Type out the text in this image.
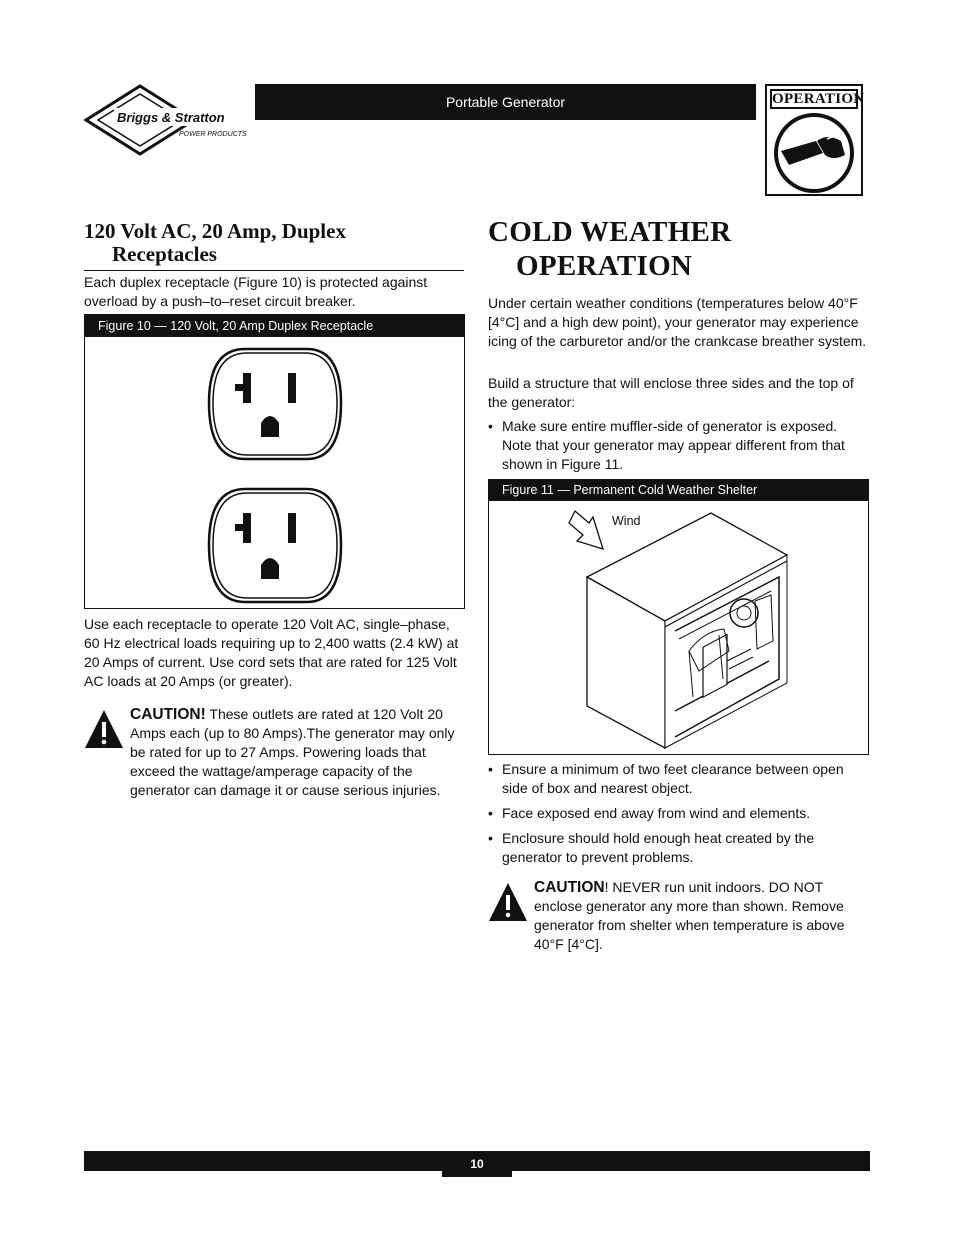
Briggs & Stratton
POWER PRODUCTS
Portable Generator	OPERATION
120 Volt AC, 20 Amp, Duplex
Receptacles
Each duplex receptacle (Figure 10) is protected against overload by a push–to–reset circuit breaker.
Figure 10 — 120 Volt, 20 Amp Duplex Receptacle
Use each receptacle to operate 120 Volt AC, single–phase, 60 Hz electrical loads requiring up to 2,400 watts (2.4 kW) at 20 Amps of current. Use cord sets that are rated for 125 Volt AC loads at 20 Amps (or greater).
CAUTION! These outlets are rated at 120 Volt 20 Amps each (up to 80 Amps).The generator may only be rated for up to 27 Amps. Powering loads that exceed the wattage/amperage capacity of the generator can damage it or cause serious injuries.
COLD WEATHER
OPERATION
Under certain weather conditions (temperatures below 40°F [4°C] and a high dew point), your generator may experience icing of the carburetor and/or the crankcase breather system.
Build a structure that will enclose three sides and the top of the generator:
• Make sure entire muffler-side of generator is exposed. Note that your generator may appear different from that shown in Figure 11.
Figure 11 — Permanent Cold Weather Shelter
Wind
• Ensure a minimum of two feet clearance between open side of box and nearest object.
• Face exposed end away from wind and elements.
• Enclosure should hold enough heat created by the generator to prevent problems.
CAUTION! NEVER run unit indoors. DO NOT enclose generator any more than shown. Remove generator from shelter when temperature is above 40°F [4°C].
10
